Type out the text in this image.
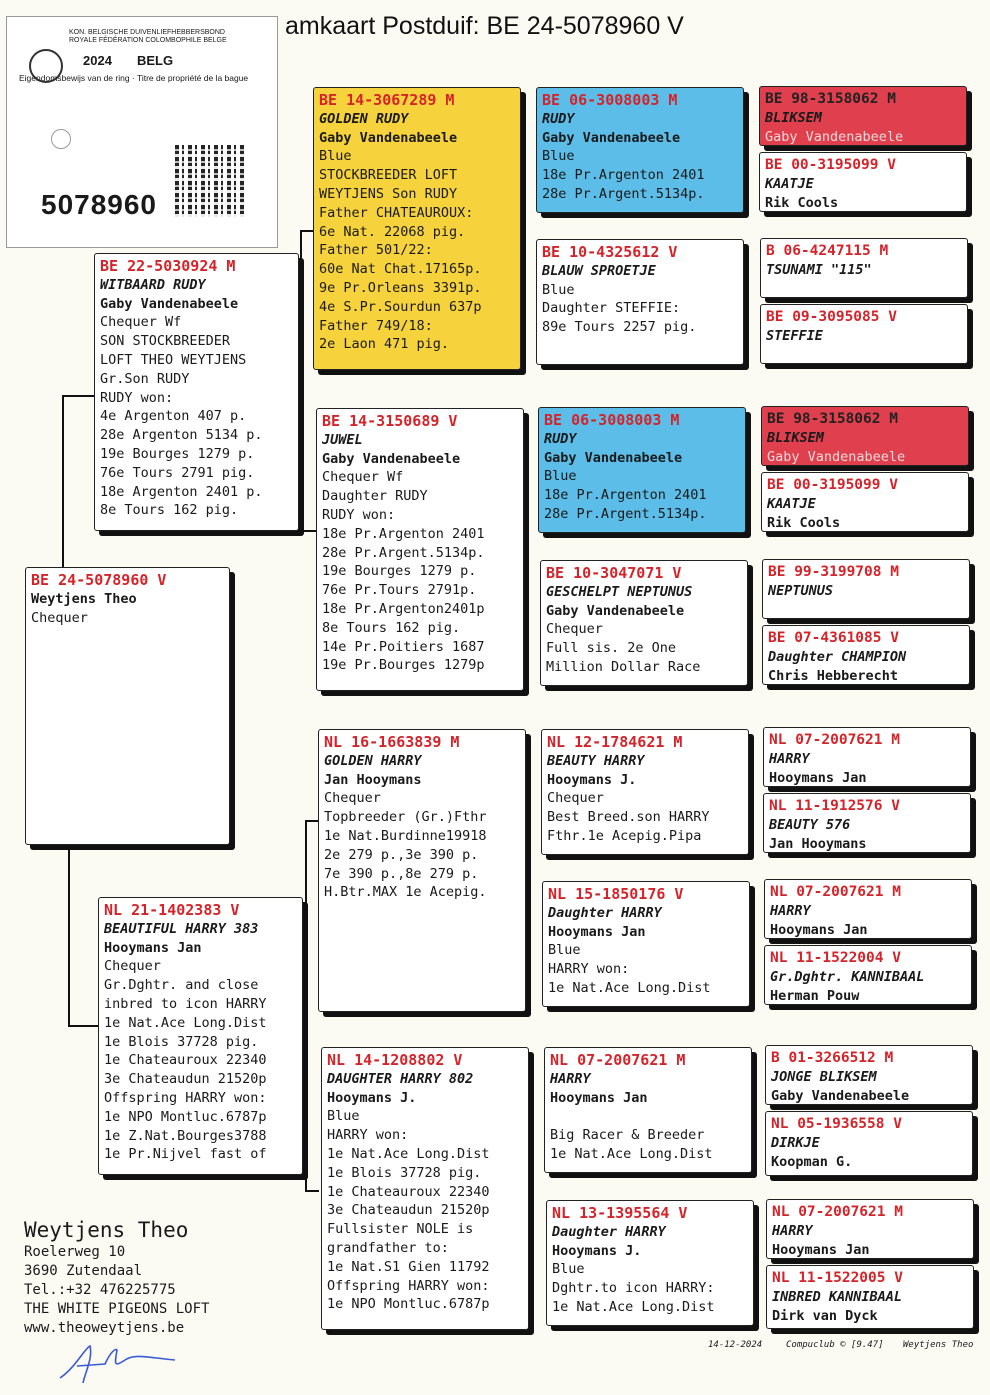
amkaart Postduif: BE 24-5078960 V
KON. BELGISCHE DUIVENLIEFHEBBERSBOND
ROYALE FÉDÉRATION COLOMBOPHILE BELGE
2024 BELG
Eigendomsbewijs van de ring · Titre de propriété de la bague
5078960
BE 24-5078960 V
Weytjens Theo
Chequer
BE 22-5030924 M
WITBAARD RUDY
Gaby Vandenabeele
Chequer Wf
SON STOCKBREEDER
LOFT THEO WEYTJENS
Gr.Son RUDY
RUDY won:
4e Argenton 407 p.
28e Argenton 5134 p.
19e Bourges 1279 p.
76e Tours 2791 pig.
18e Argenton 2401 p.
8e Tours 162 pig.
NL 21-1402383 V
BEAUTIFUL HARRY 383
Hooymans Jan
Chequer
Gr.Dghtr. and close
inbred to icon HARRY
1e Nat.Ace Long.Dist
1e Blois 37728 pig.
1e Chateauroux 22340
3e Chateaudun 21520p
Offspring HARRY won:
1e NPO Montluc.6787p
1e Z.Nat.Bourges3788
1e Pr.Nijvel fast of
BE 14-3067289 M
GOLDEN RUDY
Gaby Vandenabeele
Blue
STOCKBREEDER LOFT
WEYTJENS Son RUDY
Father CHATEAUROUX:
6e Nat. 22068 pig.
Father 501/22:
60e Nat Chat.17165p.
9e Pr.Orleans 3391p.
4e S.Pr.Sourdun 637p
Father 749/18:
2e Laon 471 pig.
BE 14-3150689 V
JUWEL
Gaby Vandenabeele
Chequer Wf
Daughter RUDY
RUDY won:
18e Pr.Argenton 2401
28e Pr.Argent.5134p.
19e Bourges 1279 p.
76e Pr.Tours 2791p.
18e Pr.Argenton2401p
8e Tours 162 pig.
14e Pr.Poitiers 1687
19e Pr.Bourges 1279p
NL 16-1663839 M
GOLDEN HARRY
Jan Hooymans
Chequer
Topbreeder (Gr.)Fthr
1e Nat.Burdinne19918
2e 279 p.,3e 390 p.
7e 390 p.,8e 279 p.
H.Btr.MAX 1e Acepig.
NL 14-1208802 V
DAUGHTER HARRY 802
Hooymans J.
Blue
HARRY won:
1e Nat.Ace Long.Dist
1e Blois 37728 pig.
1e Chateauroux 22340
3e Chateaudun 21520p
Fullsister NOLE is
grandfather to:
1e Nat.S1 Gien 11792
Offspring HARRY won:
1e NPO Montluc.6787p
BE 06-3008003 M
RUDY
Gaby Vandenabeele
Blue
18e Pr.Argenton 2401
28e Pr.Argent.5134p.
BE 10-4325612 V
BLAUW SPROETJE
Blue
Daughter STEFFIE:
89e Tours 2257 pig.
BE 06-3008003 M
RUDY
Gaby Vandenabeele
Blue
18e Pr.Argenton 2401
28e Pr.Argent.5134p.
BE 10-3047071 V
GESCHELPT NEPTUNUS
Gaby Vandenabeele
Chequer
Full sis. 2e One
Million Dollar Race
NL 12-1784621 M
BEAUTY HARRY
Hooymans J.
Chequer
Best Breed.son HARRY
Fthr.1e Acepig.Pipa
NL 15-1850176 V
Daughter HARRY
Hooymans Jan
Blue
HARRY won:
1e Nat.Ace Long.Dist
NL 07-2007621 M
HARRY
Hooymans Jan

Big Racer & Breeder
1e Nat.Ace Long.Dist
NL 13-1395564 V
Daughter HARRY
Hooymans J.
Blue
Dghtr.to icon HARRY:
1e Nat.Ace Long.Dist
BE 98-3158062 M
BLIKSEM
Gaby Vandenabeele
BE 00-3195099 V
KAATJE
Rik Cools
B 06-4247115 M
TSUNAMI "115"
BE 09-3095085 V
STEFFIE
BE 98-3158062 M
BLIKSEM
Gaby Vandenabeele
BE 00-3195099 V
KAATJE
Rik Cools
BE 99-3199708 M
NEPTUNUS
BE 07-4361085 V
Daughter CHAMPION
Chris Hebberecht
NL 07-2007621 M
HARRY
Hooymans Jan
NL 11-1912576 V
BEAUTY 576
Jan Hooymans
NL 07-2007621 M
HARRY
Hooymans Jan
NL 11-1522004 V
Gr.Dghtr. KANNIBAAL
Herman Pouw
B 01-3266512 M
JONGE BLIKSEM
Gaby Vandenabeele
NL 05-1936558 V
DIRKJE
Koopman G.
NL 07-2007621 M
HARRY
Hooymans Jan
NL 11-1522005 V
INBRED KANNIBAAL
Dirk van Dyck
Weytjens Theo
Roelerweg 10
3690 Zutendaal
Tel.:+32 476225775
THE WHITE PIGEONS LOFT
www.theoweytjens.be
14-12-2024	Compuclub © [9.47] Weytjens Theo
